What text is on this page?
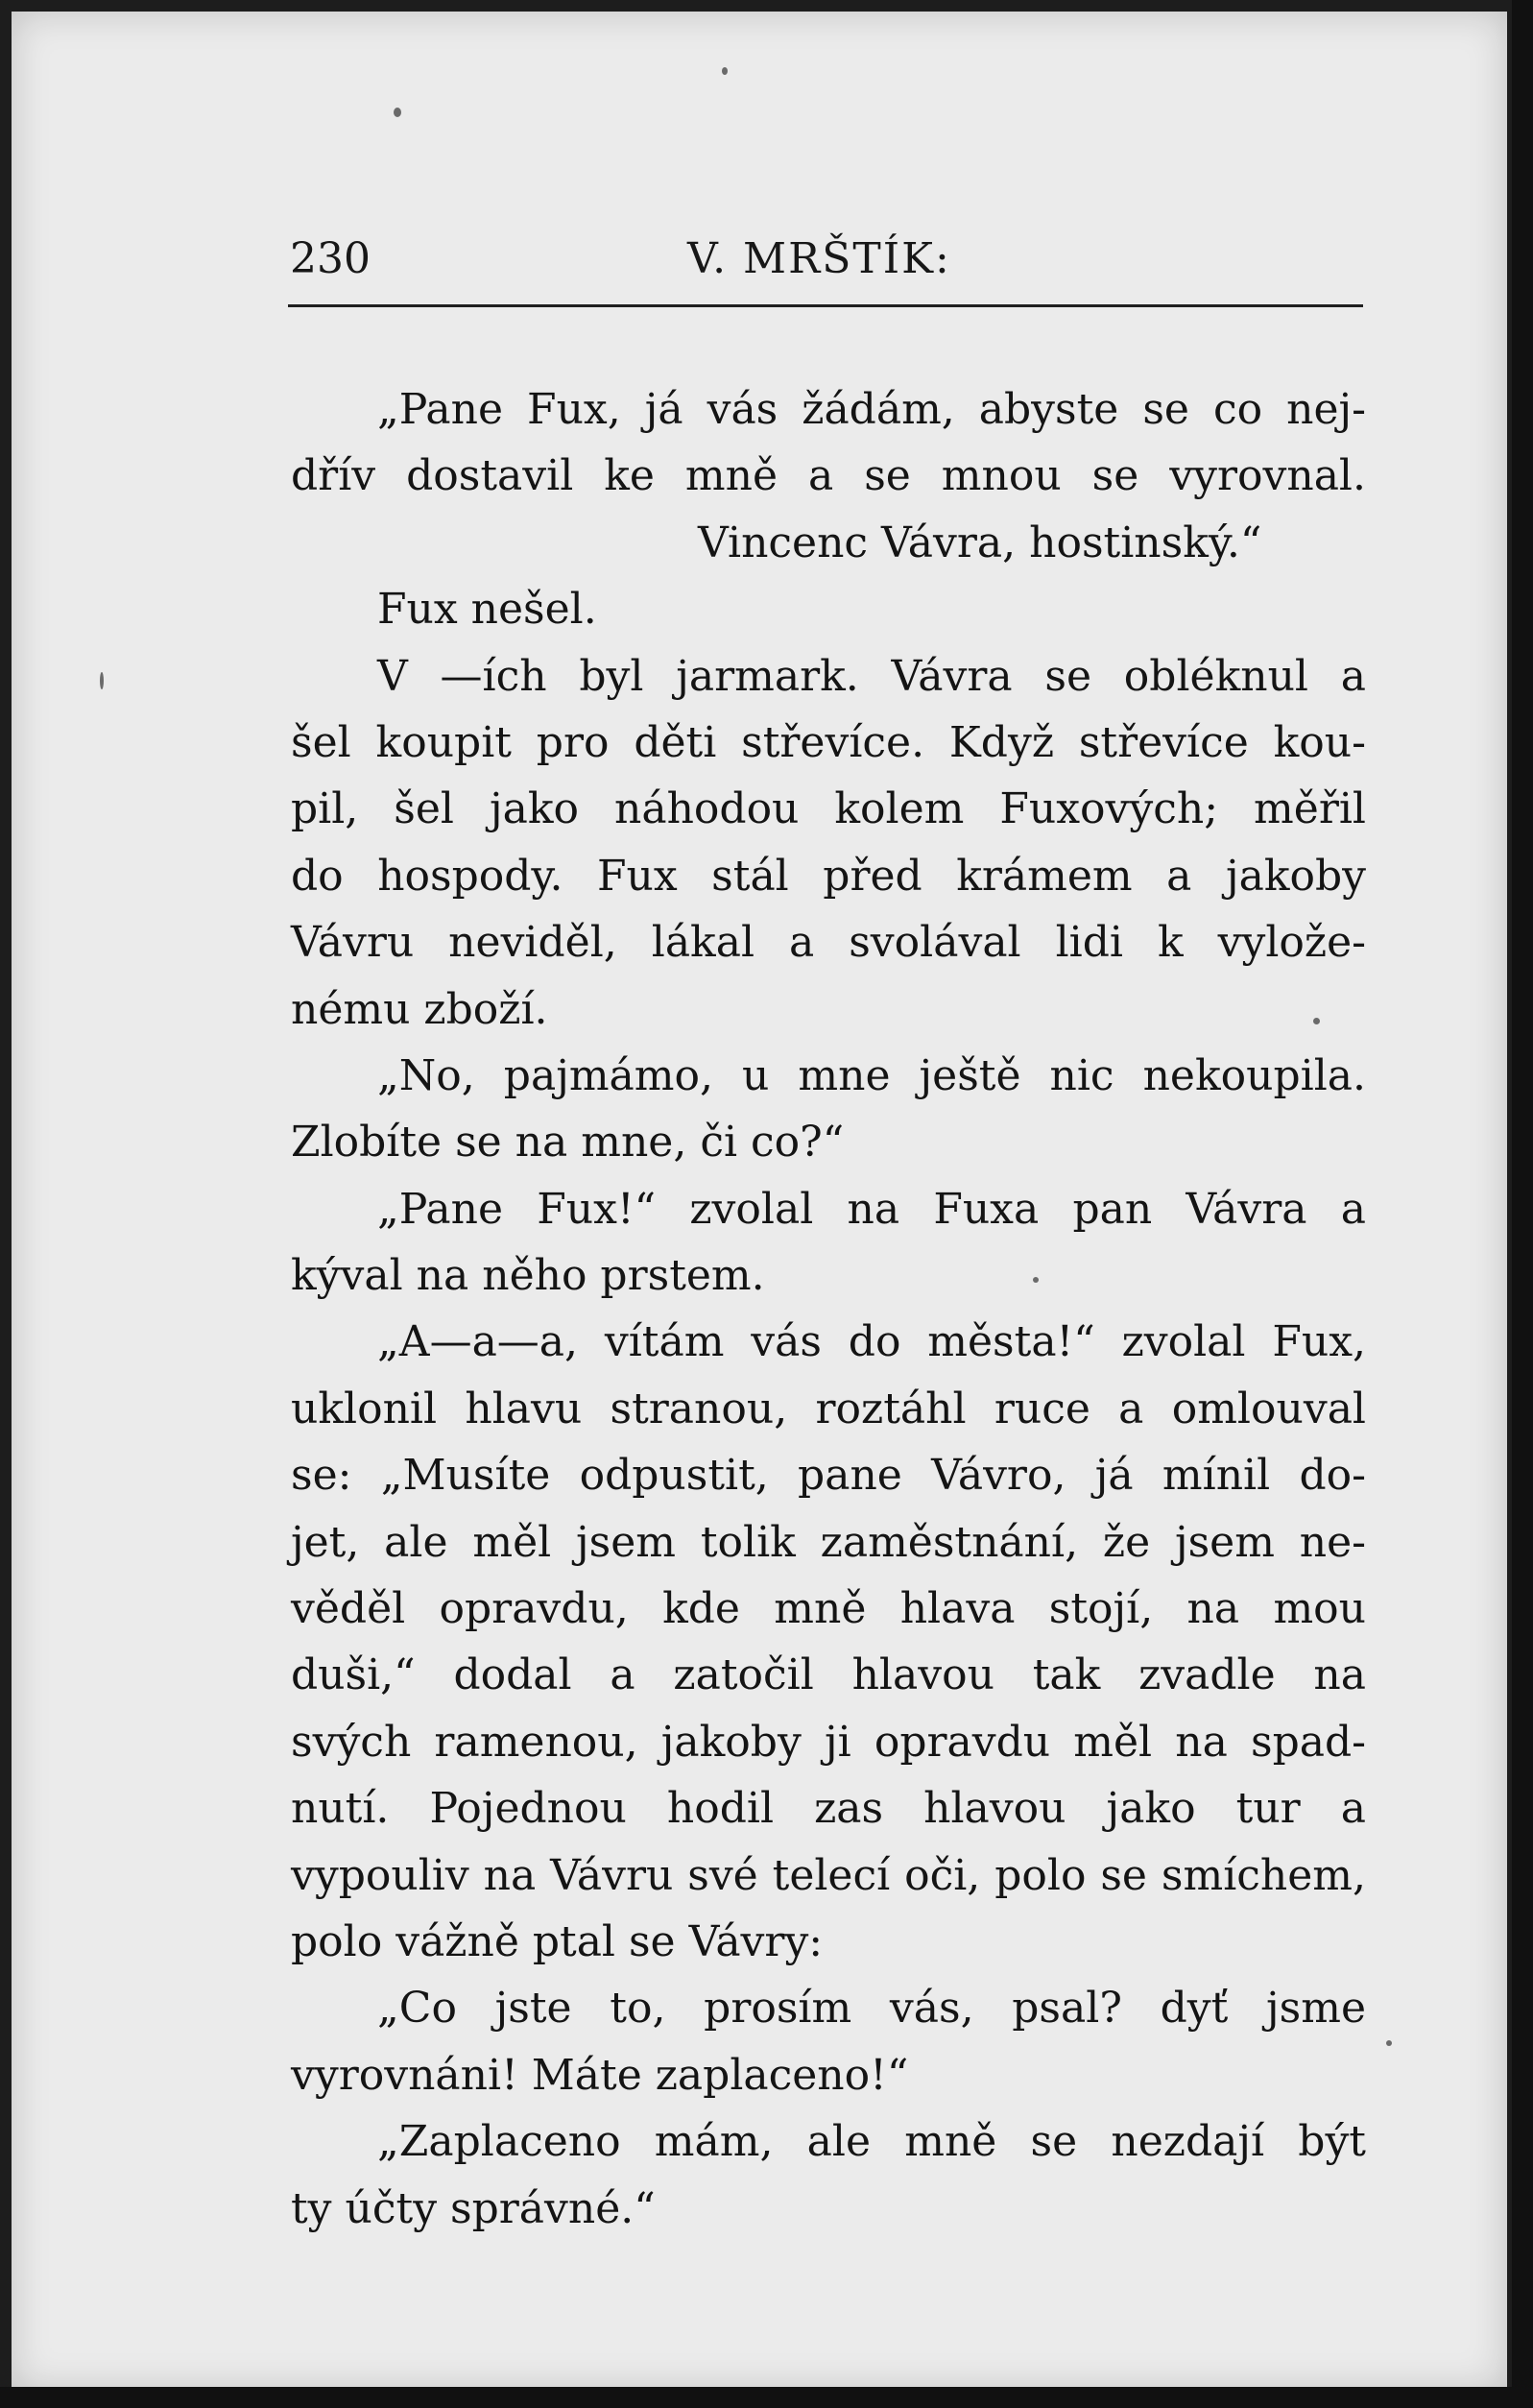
230	V. MRŠTÍK:
„Pane Fux, já vás žádám, abyste se co nej-
dřív dostavil ke mně a se mnou se vyrovnal.
Vincenc Vávra, hostinský.“
Fux nešel.
V —ích byl jarmark. Vávra se obléknul a
šel koupit pro děti střevíce. Když střevíce kou-
pil, šel jako náhodou kolem Fuxových; měřil
do hospody. Fux stál před krámem a jakoby
Vávru neviděl, lákal a svolával lidi k vylože-
nému zboží.
„No, pajmámo, u mne ještě nic nekoupila.
Zlobíte se na mne, či co?“
„Pane Fux!“ zvolal na Fuxa pan Vávra a
kýval na něho prstem.
„A—a—a, vítám vás do města!“ zvolal Fux,
uklonil hlavu stranou, roztáhl ruce a omlouval
se: „Musíte odpustit, pane Vávro, já mínil do-
jet, ale měl jsem tolik zaměstnání, že jsem ne-
věděl opravdu, kde mně hlava stojí, na mou
duši,“ dodal a zatočil hlavou tak zvadle na
svých ramenou, jakoby ji opravdu měl na spad-
nutí. Pojednou hodil zas hlavou jako tur a
vypouliv na Vávru své telecí oči, polo se smíchem,
polo vážně ptal se Vávry:
„Co jste to, prosím vás, psal? dyť jsme
vyrovnáni! Máte zaplaceno!“
„Zaplaceno mám, ale mně se nezdají být
ty účty správné.“
